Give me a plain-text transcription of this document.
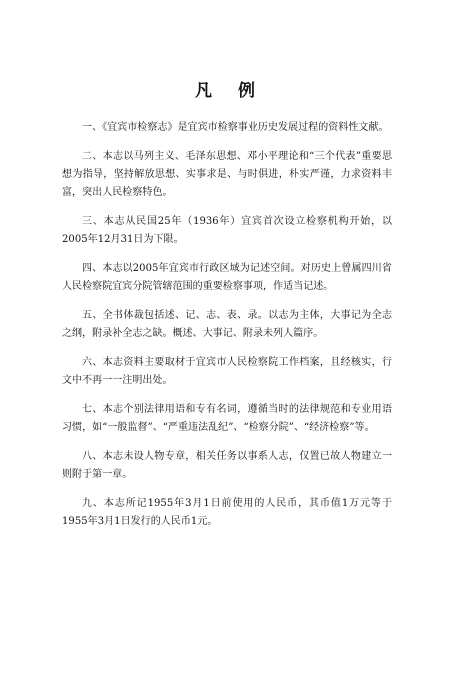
凡 例

一、《宜宾市检察志》是宜宾市检察事业历史发展过程的资料性文献。

二、本志以马列主义、毛泽东思想、邓小平理论和“三个代表”重要思想为指导，坚持解放思想、实事求是、与时俱进，朴实严谨，力求资料丰富，突出人民检察特色。

三、本志从民国25年（1936年）宜宾首次设立检察机构开始，以2005年12月31日为下限。

四、本志以2005年宜宾市行政区域为记述空间。对历史上曾属四川省人民检察院宜宾分院管辖范围的重要检察事项，作适当记述。

五、全书体裁包括述、记、志、表、录。以志为主体，大事记为全志之纲，附录补全志之缺。概述、大事记、附录未列人篇序。

六、本志资料主要取材于宜宾市人民检察院工作档案，且经核实，行文中不再一一注明出处。

七、本志个别法律用语和专有名词，遵循当时的法律规范和专业用语习惯，如“一般监督”、“严重违法乱纪”、“检察分院”、“经济检察”等。

八、本志未设人物专章，相关任务以事系人志，仅置已故人物建立一则附于第一章。

九、本志所记1955年3月1日前使用的人民币，其币值1万元等于1955年3月1日发行的人民币1元。
